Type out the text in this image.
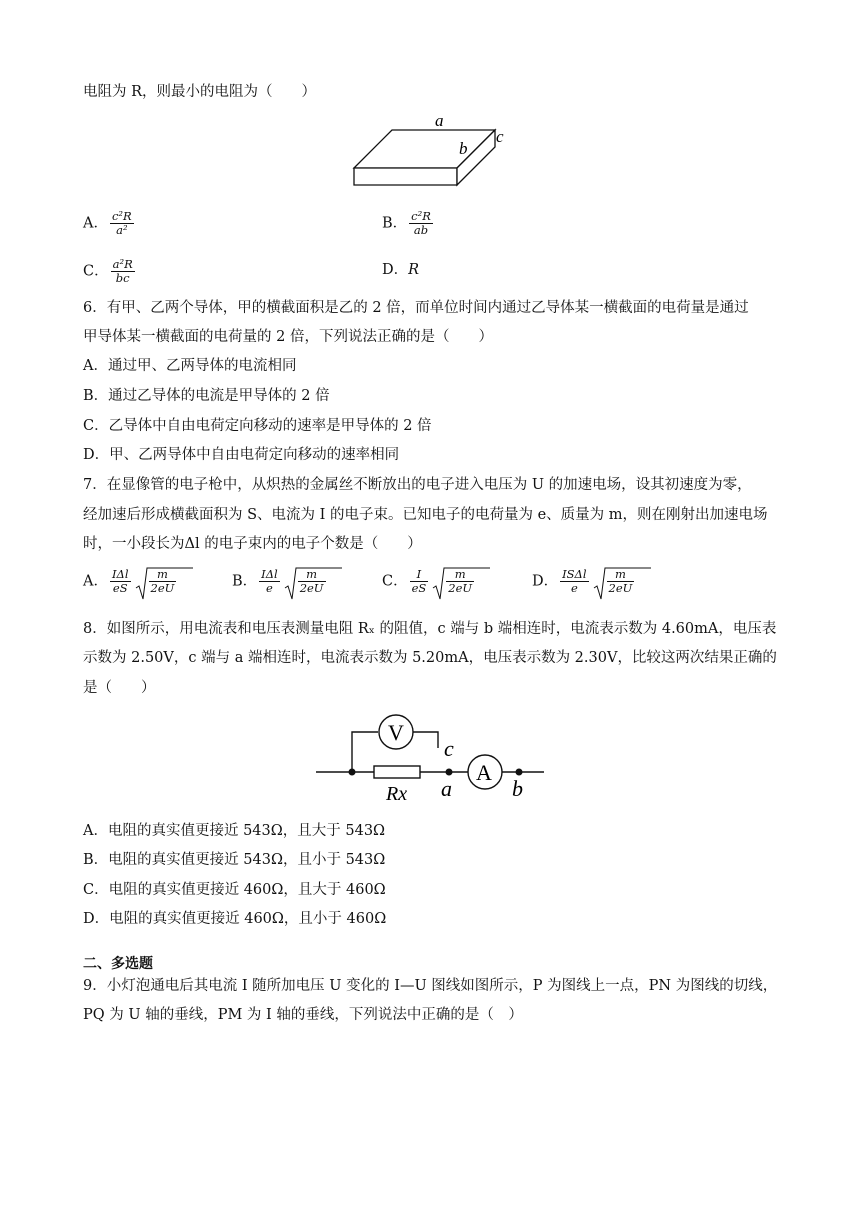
电阻为 R，则最小的电阻为（　　）
a
b
c
A． $\frac{\text{c²R}}{\text{a²}}$	B． $\frac{\text{c²R}}{ab}$
C． $\frac{\text{a²R}}{bc}$	D．R
6．有甲、乙两个导体，甲的横截面积是乙的 2 倍，而单位时间内通过乙导体某一横截面的电荷量是通过
甲导体某一横截面的电荷量的 2 倍，下列说法正确的是（　　）
A．通过甲、乙两导体的电流相同
B．通过乙导体的电流是甲导体的 2 倍
C．乙导体中自由电荷定向移动的速率是甲导体的 2 倍
D．甲、乙两导体中自由电荷定向移动的速率相同
7．在显像管的电子枪中，从炽热的金属丝不断放出的电子进入电压为 U 的加速电场，设其初速度为零，
经加速后形成横截面积为 S、电流为 I 的电子束。已知电子的电荷量为 e、质量为 m，则在刚射出加速电场
时，一小段长为Δl 的电子束内的电子个数是（　　）
A． $\frac{\text{IΔl}}{eS} \frac{m}{2eU}$	B． $\frac{\text{IΔl}}{e} \frac{m}{2eU}$	C． $\frac{I}{eS} \frac{m}{2eU}$	D． $\frac{\text{ISΔl}}{e} \frac{m}{2eU}$
8．如图所示，用电流表和电压表测量电阻 Rₓ 的阻值，c 端与 b 端相连时，电流表示数为 4.60mA，电压表
示数为 2.50V，c 端与 a 端相连时，电流表示数为 5.20mA，电压表示数为 2.30V，比较这两次结果正确的
是（　　）
V
A
c
a	b
Rx
A．电阻的真实值更接近 543Ω，且大于 543Ω
B．电阻的真实值更接近 543Ω，且小于 543Ω
C．电阻的真实值更接近 460Ω，且大于 460Ω
D．电阻的真实值更接近 460Ω，且小于 460Ω
二、多选题
9．小灯泡通电后其电流 I 随所加电压 U 变化的 I—U 图线如图所示，P 为图线上一点，PN 为图线的切线，
PQ 为 U 轴的垂线，PM 为 I 轴的垂线，下列说法中正确的是（　）
